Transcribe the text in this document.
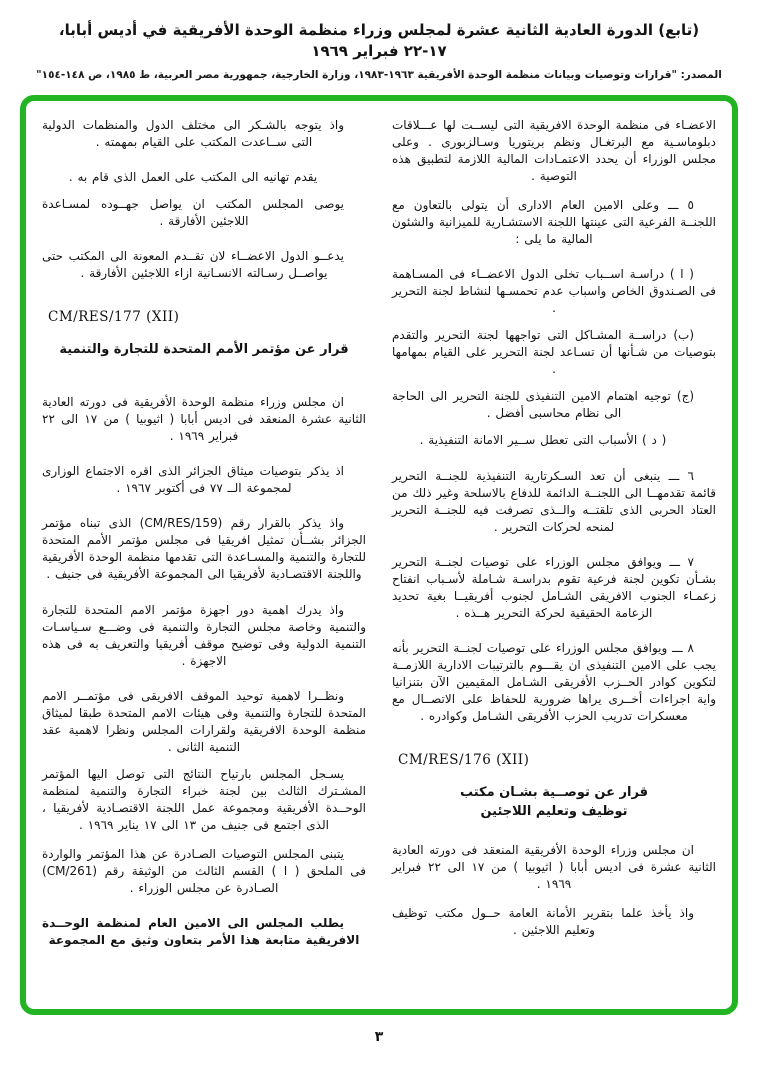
(تابع) الدورة العادية الثانية عشرة لمجلس وزراء منظمة الوحدة الأفريقية في أديس أبابا، ١٧-٢٢ فبراير ١٩٦٩
المصدر: "قرارات وتوصيات وبيانات منظمة الوحدة الأفريقية ١٩٦٣-١٩٨٣، وزارة الخارجية، جمهورية مصر العربية، ط ١٩٨٥، ص ١٤٨-١٥٤"

الاعضـاء فى منظمة الوحدة الافريقية التى ليســت لها عـــلاقات دبلوماسـية مع البرتغـال ونظم بريتوريا وسـالزبورى . وعلى مجلس الوزراء أن يحدد الاعتمـادات المالية اللازمة لتطبيق هذه التوصية .

٥ ـــ وعلى الامين العام الادارى أن يتولى بالتعاون مع اللجنــة الفرعية التى عينتها اللجنة الاستشـارية للميزانية والشئون المالية ما يلى :

( ا ) دراسـة اســباب تخلى الدول الاعضــاء فى المسـاهمة فى الصـندوق الخاص واسباب عدم تحمسـها لنشاط لجنة التحرير .

(ب) دراســة المشـاكل التى تواجهها لجنة التحرير والتقدم بتوصيات من شـأنها أن تسـاعد لجنة التحرير على القيام بمهامها .

(ج) توجيه اهتمام الامين التنفيذى للجنة التحرير الى الحاجة الى نظام محاسبى أفضل .

( د ) الأسباب التى تعطل ســير الامانة التنفيذية .

٦ ـــ ينبغى أن تعد السـكرتارية التنفيذية للجنــة التحرير قائمة تقدمهــا الى اللجنــة الدائمة للدفاع بالاسلحة وغير ذلك من العتاد الحربى الذى تلقتــه والــذى تصرفت فيه للجنــة التحرير لمنحه لحركات التحرير .

٧ ـــ ويوافق مجلس الوزراء على توصيات لجنــة التحرير بشـأن تكوين لجنة فرعية تقوم بدراسـة شـاملة لأسـباب انفتاح زعمـاء الجنوب الافريقى الشـامل لجنوب أفريقيــا بغية تحديد الزعامة الحقيقية لحركة التحرير هــذه .

٨ ـــ ويوافق مجلس الوزراء على توصيات لجنــة التحرير بأنه يجب على الامين التنفيذى ان يقـــوم بالترتيبات الادارية اللازمــة لتكوين كوادر الحــزب الأفريقى الشـامل المقيمين الآن بتنزانيا واية اجراءات أخــرى يراها ضرورية للحفاظ على الاتصــال مع معسكرات تدريب الحزب الأفريقى الشـامل وكوادره .

CM/RES/176 (XII)
قرار عن توصــية بشـان مكتب
توظيف وتعليم اللاجئين

ان مجلس وزراء الوحدة الأفريقية المنعقد فى دورته العادية الثانية عشرة فى اديس أبابا ( اثيوبيا ) من ١٧ الى ٢٢ فبراير ١٩٦٩ .

واذ يأخذ علما بتقرير الأمانة العامة حــول مكتب توظيف وتعليم اللاجئين .

واذ يتوجه بالشـكر الى مختلف الدول والمنظمات الدولية التى ســاعدت المكتب على القيام بمهمته .

يقدم تهانيه الى المكتب على العمل الذى قام به .

يوصى المجلس المكتب ان يواصل جهــوده لمسـاعدة اللاجئين الأفارقة .

يدعــو الدول الاعضــاء لان تقــدم المعونة الى المكتب حتى يواصــل رسـالته الانسـانية ازاء اللاجئين الأفارقة .

CM/RES/177 (XII)
قرار عن مؤتمر الأمم المتحدة للتجارة والتنمية

ان مجلس وزراء منظمة الوحدة الأفريقية فى دورته العادية الثانية عشرة المنعقد فى اديس أبابا ( اثيوبيا ) من ١٧ الى ٢٢ فبراير ١٩٦٩ .

اذ يذكر بتوصيات ميثاق الجزائر الذى اقره الاجتماع الوزارى لمجموعة الــ ٧٧ فى أكتوبر ١٩٦٧ .

واذ يذكر بالقرار رقم (CM/RES/159) الذى تبناه مؤتمر الجزائر بشــأن تمثيل افريقيا فى مجلس مؤتمر الأمم المتحدة للتجارة والتنمية والمسـاعدة التى تقدمها منظمة الوحدة الأفريقية واللجنة الاقتصـادية لأفريقيا الى المجموعة الأفريقية فى جنيف .

واذ يدرك اهمية دور اجهزة مؤتمر الامم المتحدة للتجارة والتنمية وخاصة مجلس التجارة والتنمية فى وضـــع سـياسـات التنمية الدولية وفى توضيح موقف أفريقيا والتعريف به فى هذه الاجهزة .

ونظــرا لاهمية توحيد الموقف الافريقى فى مؤتمــر الامم المتحدة للتجارة والتنمية وفى هيئات الامم المتحدة طبقا لميثاق منظمة الوحدة الافريقية ولقرارات المجلس ونظرا لاهمية عقد التنمية الثانى .

يسـجل المجلس بارتياح النتائج التى توصل اليها المؤتمر المشـترك الثالث بين لجنة خبراء التجارة والتنمية لمنظمة الوحــدة الأفريقية ومجموعة عمل اللجنة الاقتصـادية لأفريقيا ، الذى اجتمع فى جنيف من ١٣ الى ١٧ يناير ١٩٦٩ .

يتبنى المجلس التوصيات الصـادرة عن هذا المؤتمر والواردة فى الملحق ( ا ) القسم الثالث من الوثيقة رقم (CM/261) الصـادرة عن مجلس الوزراء .

يطلب المجلس الى الامين العام لمنظمة الوحــدة الافريقية متابعة هذا الأمر بتعاون وثيق مع المجموعة

٣
